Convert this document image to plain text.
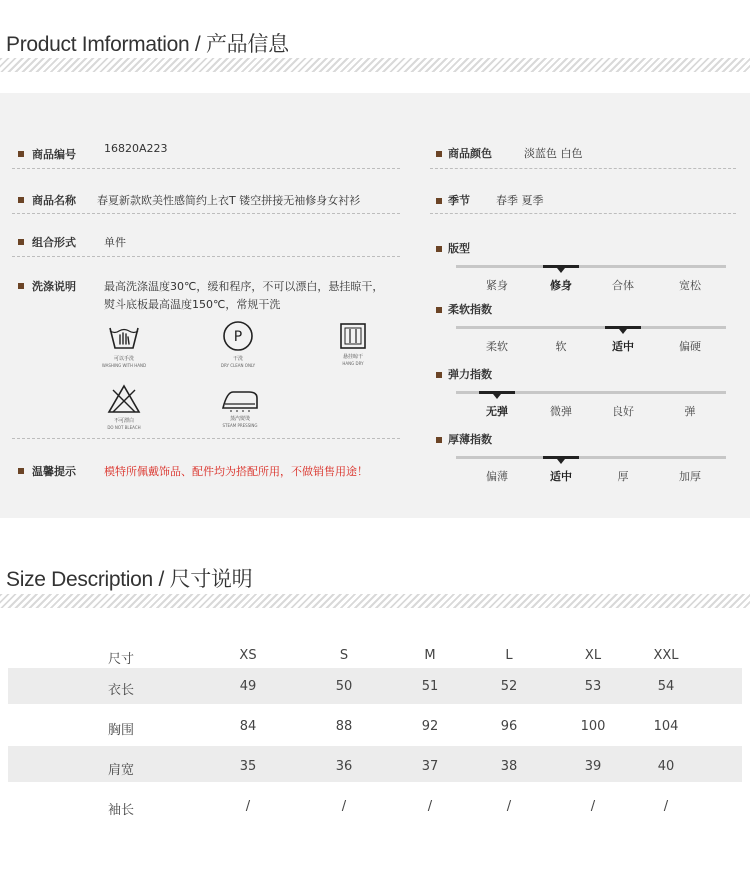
Product Imformation / 产品信息
商品编号	16820A223
商品名称 春夏新款欧美性感简约上衣T 镂空拼接无袖修身女衬衫
组合形式	单件
洗涤说明	最高洗涤温度30℃，缓和程序，不可以漂白，悬挂晾干，
熨斗底板最高温度150℃，常规干洗
可以手洗
WASHING WITH HAND
P
干洗
DRY CLEAN ONLY
悬挂晾干
HANG DRY
不可漂白
DO NOT BLEACH
蒸汽熨烫
STEAM PRESSING
温馨提示	模特所佩戴饰品、配件均为搭配所用，不做销售用途！
商品颜色	淡蓝色 白色
季节 春季 夏季
版型
紧身	修身	合体	宽松
柔软指数
柔软	软	适中	偏硬
弹力指数
无弹	微弹	良好	弹
厚薄指数
偏薄	适中	厚	加厚
Size Description / 尺寸说明
尺寸	XS	S	M	L	XL	XXL
衣长	49	50	51	52	53	54
胸围	84	88	92	96	100	104
肩宽	35	36	37	38	39	40
袖长	/	/	/	/	/	/
